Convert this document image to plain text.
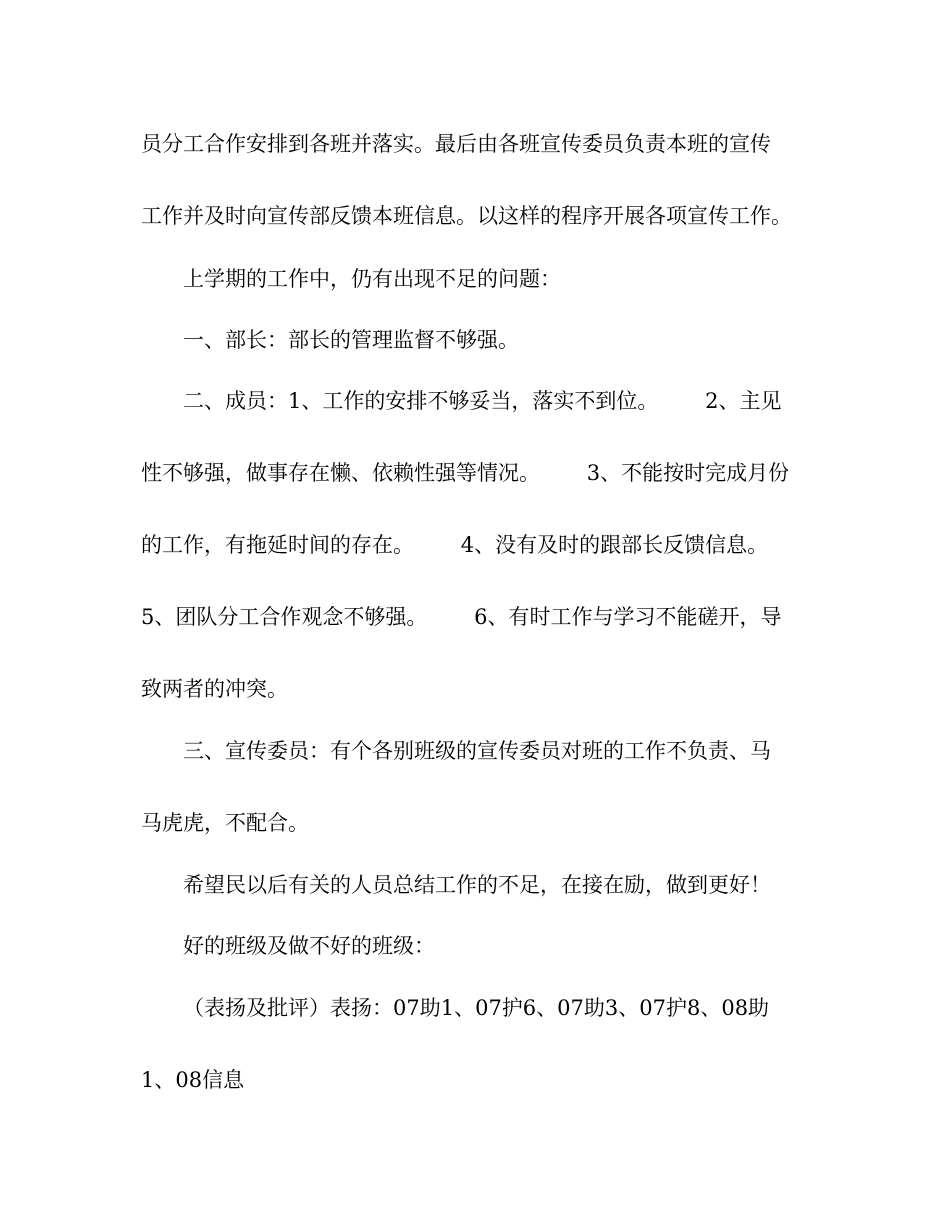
员分工合作安排到各班并落实。最后由各班宣传委员负责本班的宣传

工作并及时向宣传部反馈本班信息。以这样的程序开展各项宣传工作。

上学期的工作中，仍有出现不足的问题：

一、部长：部长的管理监督不够强。

二、成员：1、工作的安排不够妥当，落实不到位。       2、主见

性不够强，做事存在懒、依赖性强等情况。       3、不能按时完成月份

的工作，有拖延时间的存在。       4、没有及时的跟部长反馈信息。

5、团队分工合作观念不够强。       6、有时工作与学习不能磋开，导

致两者的冲突。

三、宣传委员：有个各别班级的宣传委员对班的工作不负责、马

马虎虎，不配合。

希望民以后有关的人员总结工作的不足，在接在励，做到更好！

好的班级及做不好的班级：

（表扬及批评）表扬：07助1、07护6、07助3、07护8、08助

1、08信息
